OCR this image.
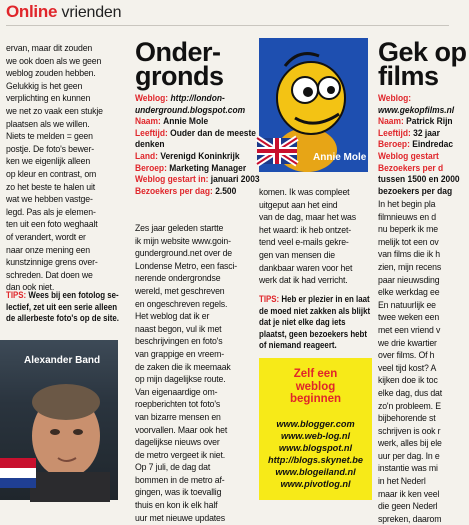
Online vrienden

ervan, maar dit zouden

we ook doen als we geen

weblog zouden hebben.

Gelukkig is het geen

verplichting en kunnen

we net zo vaak een stukje

plaatsen als we willen.

Niets te melden = geen

postje. De foto's bewer-

ken we eigenlijk alleen

op kleur en contrast, om

zo het beste te halen uit

wat we hebben vastge-

legd. Pas als je elemen-

ten uit een foto weghaalt

of verandert, wordt er

naar onze mening een

kunstzinnige grens over-

schreden. Dat doen we

dan ook niet.

TIPS: Wees bij een fotolog se-
lectief, zet uit een serie alleen
de allerbeste foto's op de site.
Alexander Band
Onder-
gronds
Weblog: http://london-underground.blogspot.com
Naam: Annie Mole
Leeftijd: Ouder dan de meeste denken
Land: Verenigd Koninkrijk
Beroep: Marketing Manager
Weblog gestart in: januari 2003
Bezoekers per dag: 2.500

Zes jaar geleden startte

ik mijn website www.goin-

gunderground.net over de

Londense Metro, een fasci-

nerende ondergrondse

wereld, met geschreven

en ongeschreven regels.

Het weblog dat ik er

naast begon, vul ik met

beschrijvingen en foto's

van grappige en vreem-

de zaken die ik meemaak

op mijn dagelijkse route.

Van eigenaardige om-

roepberichten tot foto's

van bizarre mensen en

voorvallen. Maar ook het

dagelijkse nieuws over

de metro vergeet ik niet.

Op 7 juli, de dag dat

bommen in de metro af-

gingen, was ik toevallig

thuis en kon ik elk half

uur met nieuwe updates

Annie Mole

komen. Ik was compleet

uitgeput aan het eind

van de dag, maar het was

het waard: ik heb ontzet-

tend veel e-mails gekre-

gen van mensen die

dankbaar waren voor het

werk dat ik had verricht.

TIPS: Heb er plezier in en laat
de moed niet zakken als blijkt
dat je niet elke dag iets
plaatst, geen bezoekers hebt
of niemand reageert.
Zelf een
weblog
beginnen
www.blogger.com
www.web-log.nl
www.blogspot.nl
http://blogs.skynet.be
www.blogeiland.nl
www.pivotlog.nl
Gek op
films
Weblog:
www.gekopfilms.nl
Naam: Patrick Rijn
Leeftijd: 32 jaar
Beroep: Eindredac
Weblog gestart
Bezoekers per d
tussen 1500 en 2000
bezoekers per dag

In het begin pla

filmnieuws en d

nu beperk ik me

melijk tot een ov

van films die ik h

zien, mijn recens

paar nieuwsding

elke werkdag ee

En natuurlijk ee

twee weken een

met een vriend v

we drie kwartier

over films. Of h

veel tijd kost? A

kijken doe ik toc

elke dag, dus dat

zo'n probleem. E

bijbehorende st

schrijven is ook r

werk, alles bij ele

uur per dag. In e

instantie was mi

in het Nederl

maar ik ken veel

die geen Nederl

spreken, daarom
